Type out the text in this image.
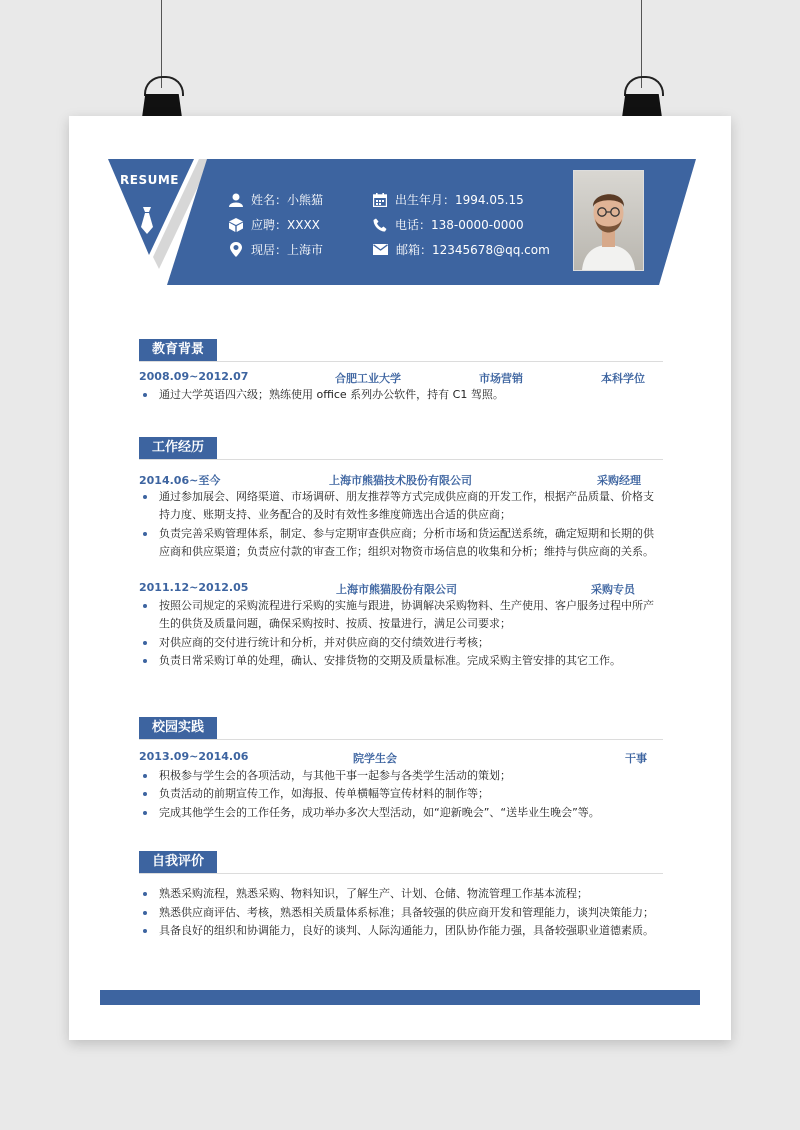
RESUME
姓名：小熊猫
应聘：XXXX
现居：上海市
出生年月：1994.05.15
电话：138-0000-0000
邮箱：12345678@qq.com
教育背景
2008.09~2012.07	合肥工业大学	市场营销	本科学位
通过大学英语四六级；熟练使用 office 系列办公软件，持有 C1 驾照。
工作经历
2014.06~至今	上海市熊猫技术股份有限公司	采购经理
通过参加展会、网络渠道、市场调研、朋友推荐等方式完成供应商的开发工作，根据产品质量、价格支持力度、账期支持、业务配合的及时有效性多维度筛选出合适的供应商；
负责完善采购管理体系，制定、参与定期审查供应商；分析市场和货运配送系统，确定短期和长期的供应商和供应渠道；负责应付款的审查工作；组织对物资市场信息的收集和分析；维持与供应商的关系。
2011.12~2012.05	上海市熊猫股份有限公司	采购专员
按照公司规定的采购流程进行采购的实施与跟进，协调解决采购物料、生产使用、客户服务过程中所产生的供货及质量问题，确保采购按时、按质、按量进行，满足公司要求；
对供应商的交付进行统计和分析，并对供应商的交付绩效进行考核；
负责日常采购订单的处理，确认、安排货物的交期及质量标准。完成采购主管安排的其它工作。
校园实践
2013.09~2014.06	院学生会	干事
积极参与学生会的各项活动，与其他干事一起参与各类学生活动的策划；
负责活动的前期宣传工作，如海报、传单横幅等宣传材料的制作等；
完成其他学生会的工作任务，成功举办多次大型活动，如“迎新晚会”、“送毕业生晚会”等。
自我评价
熟悉采购流程，熟悉采购、物料知识，了解生产、计划、仓储、物流管理工作基本流程；
熟悉供应商评估、考核，熟悉相关质量体系标准；具备较强的供应商开发和管理能力，谈判决策能力；
具备良好的组织和协调能力，良好的谈判、人际沟通能力，团队协作能力强，具备较强职业道德素质。
